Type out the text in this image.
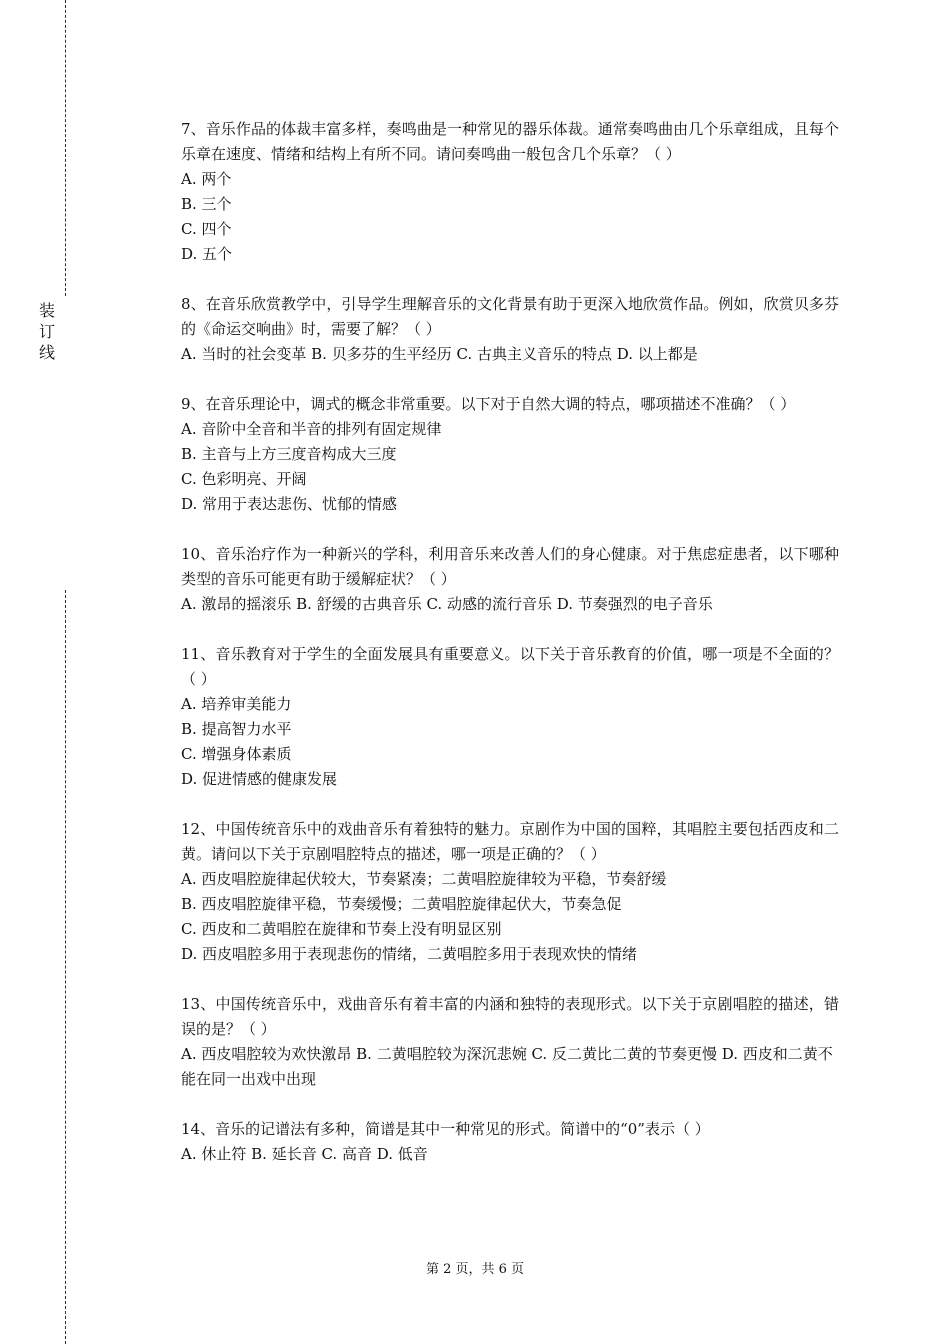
装
订
线
7、音乐作品的体裁丰富多样，奏鸣曲是一种常见的器乐体裁。通常奏鸣曲由几个乐章组成，且每个乐章在速度、情绪和结构上有所不同。请问奏鸣曲一般包含几个乐章？（ ）
A. 两个
B. 三个
C. 四个
D. 五个
8、在音乐欣赏教学中，引导学生理解音乐的文化背景有助于更深入地欣赏作品。例如，欣赏贝多芬的《命运交响曲》时，需要了解？（ ）
A. 当时的社会变革 B. 贝多芬的生平经历 C. 古典主义音乐的特点 D. 以上都是
9、在音乐理论中，调式的概念非常重要。以下对于自然大调的特点，哪项描述不准确？（ ）
A. 音阶中全音和半音的排列有固定规律
B. 主音与上方三度音构成大三度
C. 色彩明亮、开阔
D. 常用于表达悲伤、忧郁的情感
10、音乐治疗作为一种新兴的学科，利用音乐来改善人们的身心健康。对于焦虑症患者，以下哪种类型的音乐可能更有助于缓解症状？（ ）
A. 激昂的摇滚乐 B. 舒缓的古典音乐 C. 动感的流行音乐 D. 节奏强烈的电子音乐
11、音乐教育对于学生的全面发展具有重要意义。以下关于音乐教育的价值，哪一项是不全面的？（ ）
A. 培养审美能力
B. 提高智力水平
C. 增强身体素质
D. 促进情感的健康发展
12、中国传统音乐中的戏曲音乐有着独特的魅力。京剧作为中国的国粹，其唱腔主要包括西皮和二黄。请问以下关于京剧唱腔特点的描述，哪一项是正确的？（ ）
A. 西皮唱腔旋律起伏较大，节奏紧凑；二黄唱腔旋律较为平稳，节奏舒缓
B. 西皮唱腔旋律平稳，节奏缓慢；二黄唱腔旋律起伏大，节奏急促
C. 西皮和二黄唱腔在旋律和节奏上没有明显区别
D. 西皮唱腔多用于表现悲伤的情绪，二黄唱腔多用于表现欢快的情绪
13、中国传统音乐中，戏曲音乐有着丰富的内涵和独特的表现形式。以下关于京剧唱腔的描述，错误的是？（ ）
A. 西皮唱腔较为欢快激昂 B. 二黄唱腔较为深沉悲婉 C. 反二黄比二黄的节奏更慢 D. 西皮和二黄不能在同一出戏中出现
14、音乐的记谱法有多种，简谱是其中一种常见的形式。简谱中的“0”表示（ ）
A. 休止符 B. 延长音 C. 高音 D. 低音
第 2 页，共 6 页
